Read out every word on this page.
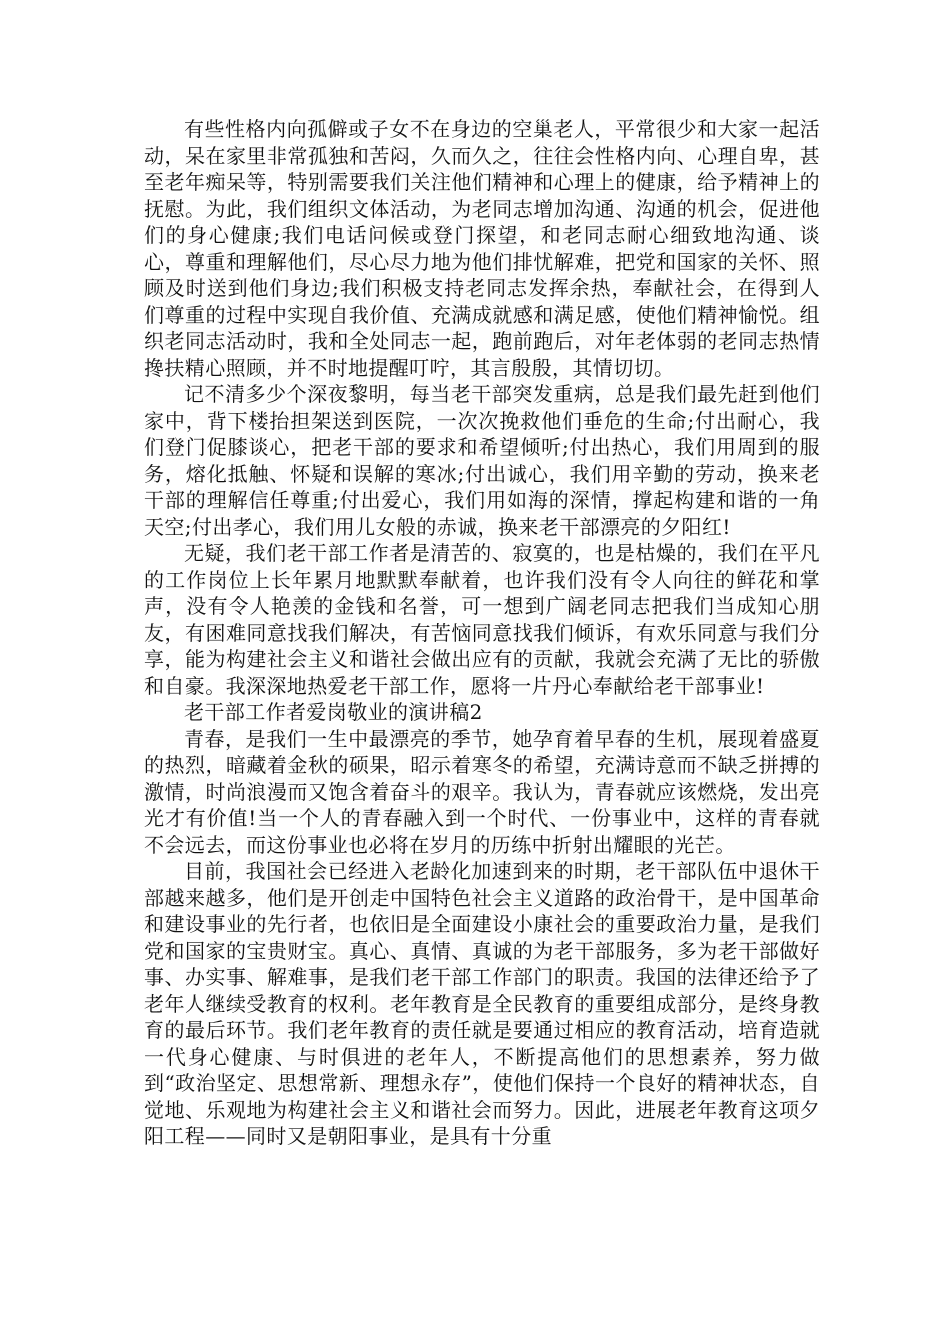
有些性格内向孤僻或子女不在身边的空巢老人，平常很少和大家一起活动，呆在家里非常孤独和苦闷，久而久之，往往会性格内向、心理自卑，甚至老年痴呆等，特别需要我们关注他们精神和心理上的健康，给予精神上的抚慰。为此，我们组织文体活动，为老同志增加沟通、沟通的机会，促进他们的身心健康;我们电话问候或登门探望，和老同志耐心细致地沟通、谈心，尊重和理解他们，尽心尽力地为他们排忧解难，把党和国家的关怀、照顾及时送到他们身边;我们积极支持老同志发挥余热，奉献社会，在得到人们尊重的过程中实现自我价值、充满成就感和满足感，使他们精神愉悦。组织老同志活动时，我和全处同志一起，跑前跑后，对年老体弱的老同志热情搀扶精心照顾，并不时地提醒叮咛，其言殷殷，其情切切。

记不清多少个深夜黎明，每当老干部突发重病，总是我们最先赶到他们家中，背下楼抬担架送到医院，一次次挽救他们垂危的生命;付出耐心，我们登门促膝谈心，把老干部的要求和希望倾听;付出热心，我们用周到的服务，熔化抵触、怀疑和误解的寒冰;付出诚心，我们用辛勤的劳动，换来老干部的理解信任尊重;付出爱心，我们用如海的深情，撑起构建和谐的一角天空;付出孝心，我们用儿女般的赤诚，换来老干部漂亮的夕阳红!

无疑，我们老干部工作者是清苦的、寂寞的，也是枯燥的，我们在平凡的工作岗位上长年累月地默默奉献着，也许我们没有令人向往的鲜花和掌声，没有令人艳羡的金钱和名誉，可一想到广阔老同志把我们当成知心朋友，有困难同意找我们解决，有苦恼同意找我们倾诉，有欢乐同意与我们分享，能为构建社会主义和谐社会做出应有的贡献，我就会充满了无比的骄傲和自豪。我深深地热爱老干部工作，愿将一片丹心奉献给老干部事业!

老干部工作者爱岗敬业的演讲稿2

青春，是我们一生中最漂亮的季节，她孕育着早春的生机，展现着盛夏的热烈，暗藏着金秋的硕果，昭示着寒冬的希望，充满诗意而不缺乏拼搏的激情，时尚浪漫而又饱含着奋斗的艰辛。我认为，青春就应该燃烧，发出亮光才有价值!当一个人的青春融入到一个时代、一份事业中，这样的青春就不会远去，而这份事业也必将在岁月的历练中折射出耀眼的光芒。

目前，我国社会已经进入老龄化加速到来的时期，老干部队伍中退休干部越来越多，他们是开创走中国特色社会主义道路的政治骨干，是中国革命和建设事业的先行者，也依旧是全面建设小康社会的重要政治力量，是我们党和国家的宝贵财宝。真心、真情、真诚的为老干部服务，多为老干部做好事、办实事、解难事，是我们老干部工作部门的职责。我国的法律还给予了老年人继续受教育的权利。老年教育是全民教育的重要组成部分，是终身教育的最后环节。我们老年教育的责任就是要通过相应的教育活动，培育造就一代身心健康、与时俱进的老年人，不断提高他们的思想素养，努力做到“政治坚定、思想常新、理想永存”，使他们保持一个良好的精神状态，自觉地、乐观地为构建社会主义和谐社会而努力。因此，进展老年教育这项夕阳工程——同时又是朝阳事业，是具有十分重
